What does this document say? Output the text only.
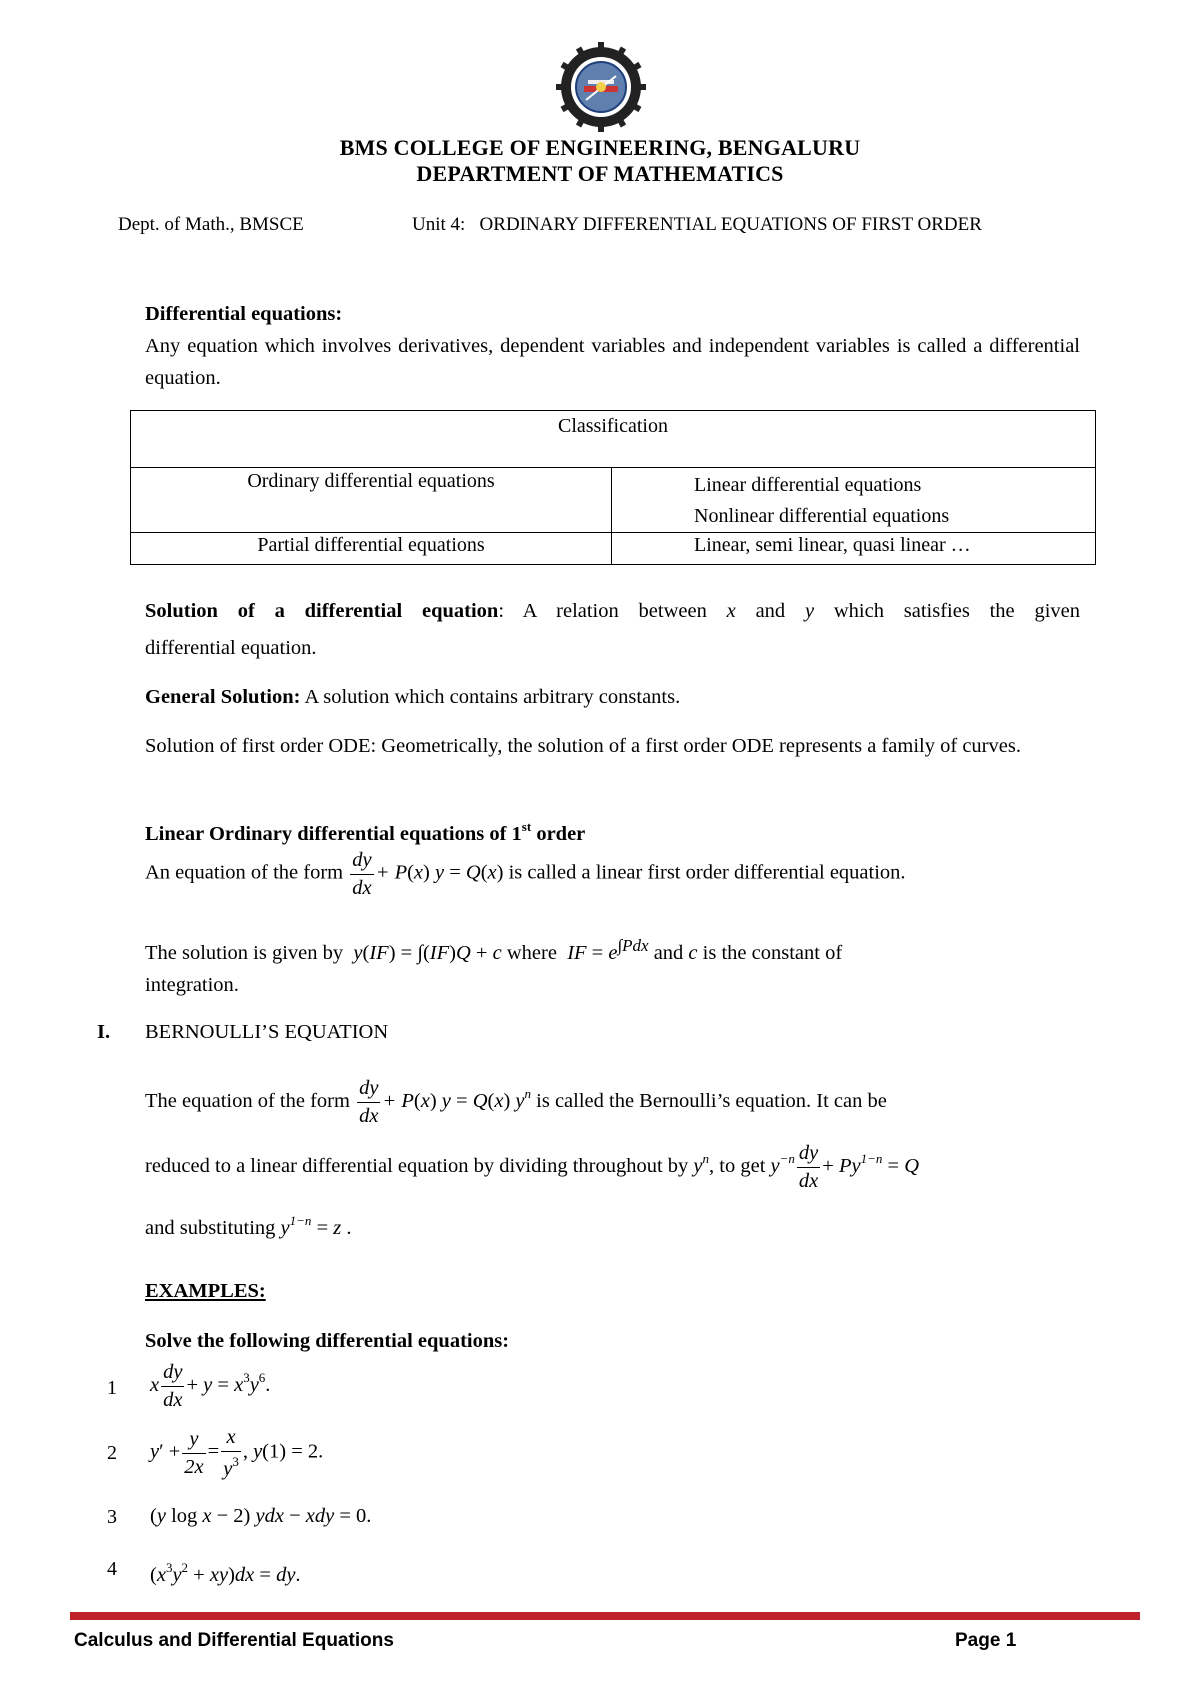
BMS COLLEGE OF ENGINEERING, BENGALURU
DEPARTMENT OF MATHEMATICS
Dept. of Math., BMSCE	Unit 4:   ORDINARY DIFFERENTIAL EQUATIONS OF FIRST ORDER
Differential equations:
Any equation which involves derivatives, dependent variables and independent variables is called a differential equation.
Classification	
Ordinary differential equations	Linear differential equations
Nonlinear differential equations

Partial differential equations	Linear, semi linear, quasi linear …
Solution of a differential equation: A relation between x and y which satisfies the given
differential equation.
General Solution: A solution which contains arbitrary constants.
Solution of first order ODE: Geometrically, the solution of a first order ODE represents a family of curves.
Linear Ordinary differential equations of 1st order
An equation of the form $\frac{dy}{dx} + P(x) y = Q(x)$ is called a linear first order differential equation.
The solution is given by  y(IF) = ∫(IF)Q + c where  IF = $e^{\int Pdx}$ and c is the constant of
integration.
I. BERNOULLI’S EQUATION
The equation of the form $\frac{dy}{dx} + P(x) y = Q(x)$ $y^n$ is called the Bernoulli’s equation. It can be
reduced to a linear differential equation by dividing throughout by $y^n$, to get $y^{-n} \frac{dy}{dx} + Py^{1-n} = Q$
and substituting $y^{1-n} = z$ .
EXAMPLES:
Solve the following differential equations:
1 x $\frac{dy}{dx} + y = x^3y^6$.
2 $y' + \frac{y}{2x} = \frac{x}{y^3}$ , y(1) = 2.
3 (y log x − 2) ydx − xdy = 0.
4 $(x^3y^2 + xy)dx$ = dy.
Calculus and Differential Equations	Page 1
